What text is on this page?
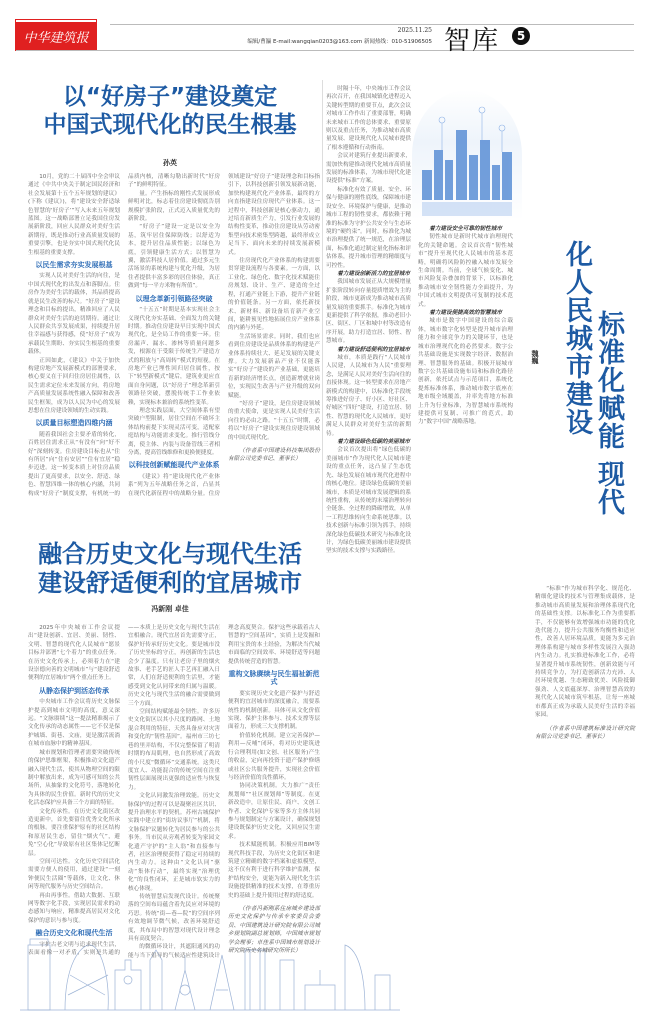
中华建筑报	2025.11.25
编辑/曹瀛 E-mail:wangqian0203@163.com 新闻热线：010-51906505 智库	5
以“好房子”建设奠定
中国式现代化的民生根基
孙英

10月，党的二十届四中全会审议通过《中共中央关于制定国民经济和社会发展第十五个五年规划的建议》(下称《建议》)，将“建设安全舒适绿色智慧的‘好房子’”写入未来五年规划蓝图。这一战略部署立足我国住房发展新阶段，回应人民群众对美好生活新期待，既是推动行业高质量发展的重要引擎，也是夯实中国式现代化民生根基的重要支撑。

以民生需求夯实发展根基

实现人民对美好生活的向往，是中国式现代化的出发点和落脚点。住房作为美好生活的载体，其品质提高就是民生改善的标尺。“好房子”建设理念和目标的提出，精准回应了人民群众对美好生活的迫切期待。通过让人民群众共享发展成果，持续提升居住幸福感与获得感，使“好房子”成为承载民生期盼、夯实民生根基的重要载体。

正因如此，《建议》中关于加快构建房地产发展新模式的部署要求，核心要义在于回归住房居住属性，以民生需求定位未来发展方向，将房地产高质量发展系统性融入保障和改善民生框架，成为以人民为中心的发展思想在住房建设领域的生动实践。

以质量目标塑造四维内涵

随着我国社会主要矛盾的转化，百姓居住需求正从“有没有”向“好不好”深刻转变。住房建设目标也从“住有所居”向“住有安居”“住有宜居”稳步迈进。这一转变本质上对住房品质提出了更高要求，以安全、舒适、绿色、智慧四维一体的核心内涵，共同构成“好房子”制度支撑，有机统一的品质内核，清晰勾勒出新时代“好房子”的鲜明特征。

量。产生指标的刚性式发展形成鲜明对比，标志着住房建设彻底告别规模扩张阶段，正式迈入质量优先的新阶段。

“好房子”建设一定是以安全为基，筑牢居住保障防线；以舒适为本，提升居住品质性能；以绿色为底，引领健康生活方式；以智慧为翼，激活科技人居价值。通过多元生活场景的系统构建与优化升级，为居住者提供丰富多彩的居住体验，真正做到“每一平方米物有所值”。

以理念革新引领路径突破

“十五五”时期是基本实现社会主义现代化夯实基础、全面发力的关键时期。推动住房建设早日实现中国式现代化，是全局工作的重要一环。住房漏声、漏水、渗林等质量问题多发，根源在于受限于传统生产建造方式的粗放与“高周转”模式的短视。在房地产业已埋性回归居住属性，按下“转型新模式”键后，建筑业更应直面自身问题，以“好房子”理念革新引领路径突破，摆脱传统手工作业依赖，实现标本兼治的系统性变革。

理念实践层面，大空间体系有望突破户型限制，居住空间在不破坏主体结构前提下实现灵活可变，适配家庭结构与功能需求变化。推行管线分离，使主体、内装与设备管线三者相分离，提高管线维修和更换便捷度。

以科技创新赋能现代产业体系

《建议》将“建设现代化产业体系”列为五年战略任务之首，凸显其在现代化新征程中的战略分量。住房领域建设“好房子”建设理念和目标指引下，以科技创新引领发展新动能，加快构建现代化产业体系，最终的方向直指建设住房现代产业体系。这一过程中，科技创新是核心驱动力，通过培育新质生产力，引发行业发展的结构性变革，推动住房建设从劳动密集型向技术密集型跨越，最终形成立足当下、面向未来的持续发展新模式。

住房现代化产业体系的构建需要贯穿建设流程与各要素。一方面，以工业化、绿色化、数字化技术赋能住房规划、设计、生产、建造的全过程，打通产业链上下游，提升产业链的价值链条。另一方面，依托新技术、新材料、新设备培育新产业空间，能耕预见性地拓展住房产业体系的内涵与外延。

生活场景需求。同时，我们也应看到住房建设是品质体系的构建是产业体系持续壮大、延足发展的关键支撑。大力发展新品产业不仅能落实“好房子”建设的产业基础，更能培育新的经济增长点，创造新增就业岗位，实现民生改善与产业升级的双向赋能。

“好房子”建设，是住房建设领域的重大使命，更是实现人民美好生活向往的必由之路。“十五五”时期，必将以“好房子”建设实现住房建设领域的中国式现代化。

（作者系中国建设科技集团股份有限公司党委书记、董事长）

标准化赋能 现代化人民城市建设
魏巍

时隔十年，中央城市工作会议再次召开，在我国城镇化进程迈入关键转型期的重要节点，此次会议对城市工作作出了重要部署，明确未来城市工作的总体要求、重要原则以及重点任务，为推动城市高质量发展、建设现代化人民城市提供了根本遵循和行动指南。

会议对建筑行业提出新要求，需加快构建推动现代化城市高质量发展的标准体系，为城市现代化建设提供“标准”方案。

标准化有效了质量、安全、环保与健康的刚性底线，保障城市建设安全、环境保护与健康，是推动城市工程的韧性要求，都依赖于精准的标准为守护公共安全与生态环境的“硬约束”。同时，标准化为城市治理提供了统一规范，在治理层面，标准化通过制定量化指标和评估体系，提升城市管理的精细度与可控性。

着力建设创新活力的宜居城市

我国城市发展正从大规模增量扩张阶段转向存量提质增效为主的阶段，城市更新成为推动城市高质量发展的重要抓手。标准化为城市更新提供了科学依据，推动老旧小区、街区、厂区和城中村等改造有序开展，助力打造宜居、韧性、智慧城市。

着力建设舒适便利的宜居城市

城市，本质是践行“人民城市人民建，人民城市为人民”重要理念，是满足人民对美好生活向往的直接体现。这一转型要求在房地产新模式的构建中，以标准化手段统筹推进好房子、好小区、好社区、好城区“四好”建设，打造宜居、韧性、智慧的现代化人民城市，更好满足人民群众对美好生活的新期待。

着力建设绿色低碳的美丽城市

会议首次提出将“绿色低碳的美丽城市”作为现代化人民城市建设的重点任务，这凸显了生态优先、绿色发展在城市现代化进程中的核心地位。建设绿色低碳的美丽城市，本质是对城市发展逻辑的系统性重构，从传统的末端治理转向全链条、全过程的降碳增效，从单一工程思维转向生命系统思维。以技术创新与标准引领为抓手，持续深化绿色低碳技术研究与标准化设计，为绿色低碳美丽城市建设提供坚实的技术支撑与实践路径。

着力建设安全可靠的韧性城市

韧性城市是新时代城市治理现代化的关键命题。会议首次将“韧性城市”提升至现代化人民城市的基本范畴，明确将风险防控融入城市发展全生命周期。当前，全球气候变化、城市风险复杂叠加的背景下，以标准化推动城市安全韧性能力全面提升，为中国式城市文明提供可复制的技术范式。

着力建设便捷高效的智慧城市

城市是数字中国建设的综合载体，城市数字化转型是提升城市治理能力和全球竞争力的关键环节，也是城市治理现代化的必然要求。数字公共基础设施是实现数字经济、数据治理、智慧服务的基础。积极开展城市数字公共基础设施布局和标准化路径创新，依托试点与示范项目，系统化提炼标准体系，推动城市数字底座在地市级全域覆盖，并率先将地方标准上升为行业标准，为智慧城市系统构建提供可复制、可推广的范式，助力“数字中国”战略落地。

“标准”作为城市科学化、规范化、精细化建设的技术与管理集成载体，是推动城市高质量发展和治理体系现代化的基础性支撑。以标准化工作为重要抓手，不仅能够有效增强城市功能的优化迭代能力，提升公共服务均衡性和适应性，改善人居环境品质，更能为多元治理体系构建与城市多样性发展注入强劲内生动力。扎实推进标准化工作，必将显著提升城市系统韧性，创新效能与可持续竞争力，为打造创新活力充沛、人居环境优越、生态精致优美、风险抵御强劲、人文底蕴深厚、治理智慧高效的现代化人民城市筑牢根基，让每一座城市都真正成为承载人民美好生活的幸福家园。

（作者系中国建筑标准设计研究院有限公司党委书记、董事长）

融合历史文化与现代生活
建设舒适便利的宜居城市
冯新刚 卓佳

2025年中央城市工作会议提出“建设创新、宜居、美丽、韧性、文明、智慧的现代化人民城市”愿景目标并部署“七个着力”的重点任务。在历史文化传承上，必须着力在“建设崇德向善的文明城市”与“建设舒适便利的宜居城市”两个重点任务上。

从静态保护到活态传承

中央城市工作会议将历史文脉保护提高到城市文明的高度，意义深远。“文脉赓续”这一提法精准揭示了文化传承的动态属性——它不仅是保护城墙、街巷、文庙，更是激活流淌在城市血脉中的精神基因。

城市规划和管理者需要突破传统的保护思维框架，积极推动文化遗产融入现代生活，使其从物理空间的限制中解放出来，成为可感可知的公共场所，从抽象的文化符号，落地转化为具体的民生价值。新时代的历史文化活态保护应具备三个方面的特征。

文化传承性。在历史文化街区改造更新中，首先要留住优秀文化所承的根脉。要注重保护原有的社区结构和原居民生态，留住“烟火气”，避免“空心化”导致原有社区集体记忆断层。

空间可达性。文化历史空间活化需要方便人的使用，通过建设“一刻钟便民生活圈”等载体，让文化、休闲等现代服务与历史空间结合。

再由再事性。借助大数据、互联网等数字化手段，实现居民需求的动态感知与响应，精准提高居民对文化保护的意识与参与度。

融合历史文化和现代生活

守护古老文明与追求现代生活，表面看像一对矛盾，实则是共通的——本质上是历史文化与现代生活在宜相融合。现代宜居首先需要守正，保护好传承好历史文化。要是城市没了历史坐标的守正，再创新的生活也会少了温度。只有让老房子里的烟火故事、老手艺的匠人手艺再汇融入日常，人们在舒适便利的生活里，才能感受到文化认同带来的归属与温暖。历史文化与现代生活的融合需要做到三个方面。

空间结构赋能最全韧性。许多历史文化街区以其小尺度的路网、土地混合利用的特征，天然具备应对灾害和变化的“韧性基因”。福州市三坊七巷的里弄结构，不仅完整保留了明清时期的布局肌理，也自然形成了高效的小尺度“微循环”交通系统。这类尺度宜人、功能混合的传统空间在注重韧性层面展现出更强的适应性与恢复力。

文化认同激发治理效能。历史文脉保护的过程可以是凝聚社区共识、提升治理水平的契机。苏州古城保护实践中建立的“街坊议事厅”机制，将文脉保护议题转化为居民参与的公共事务。当市民从旁观者转变为家园文化遗产守护的“主人翁”和直接参与者，社区治理便获得了稳定可持续的内生动力。这种由“文化认同”驱动“集体行动”，最终实现“治理优化”的良性闭环，正是城市软实力的核心体现。

传统智慧启发现代设计。传统聚落的空间布局蕴含着先民应对环境的巧思。传统“街—巷—院”的空间序列有效地调节微气候，改善环境舒适度，其布局中的智慧对现代设计理念具有高度契合。

的微循环设计，其遮阳通风的功能与当下倡导的气候适应性建筑设计理念高度契合。保护这些承载着古人智慧的“空间基因”，实质上是发掘和利用宝贵的本土经验，为解决当代城市面临的空间效率、环境舒适等问题提供传统营造的智慧。

重构文脉赓续与民生福祉新范式

要实现历史文化遗产保护与舒适便利的宜居城市的深度融合，需要系统性的机制创新。具体可从文化价值实现、保护主体参与、技术支撑等层面着力，形成三大支撑机制。

价值转化机制。建立完善保护—利用—反哺”闭环，将对历史建筑进行合理利用(如文创、社区服务)产生的收益，定向再投资于遗产保护修缮或社区公共服务提升，实现社会价值与经济价值的良性循环。

协同决策机制。大力推广“责任规划师”“社区规划师”等制度。在更新改造中，让原住民、商户、文创工作者、文化保护专家等多方主体共同参与规划制定与方案设计，确保规划建设既保护历史文化，又回应民生需求。

技术赋能机制。积极应用BIM等现代科技手段，为历史文化街区和建筑建立精确的数字档案和虚拟模型，这不仅有利于进行科学维护监测，保护结构安全，更能为新入现代化生活设施提供精准的技术支撑，在尊重历史的基础上提升使用过程的舒适度。

（作者冯新刚系住房城乡建设部历史文化保护与传承专家委员会委员、中国建筑设计研究院有限公司城乡规划院副总规划师，中国城市规划学会理事；卓佳系中国城市规划设计研究院历史名城研究所所长）
